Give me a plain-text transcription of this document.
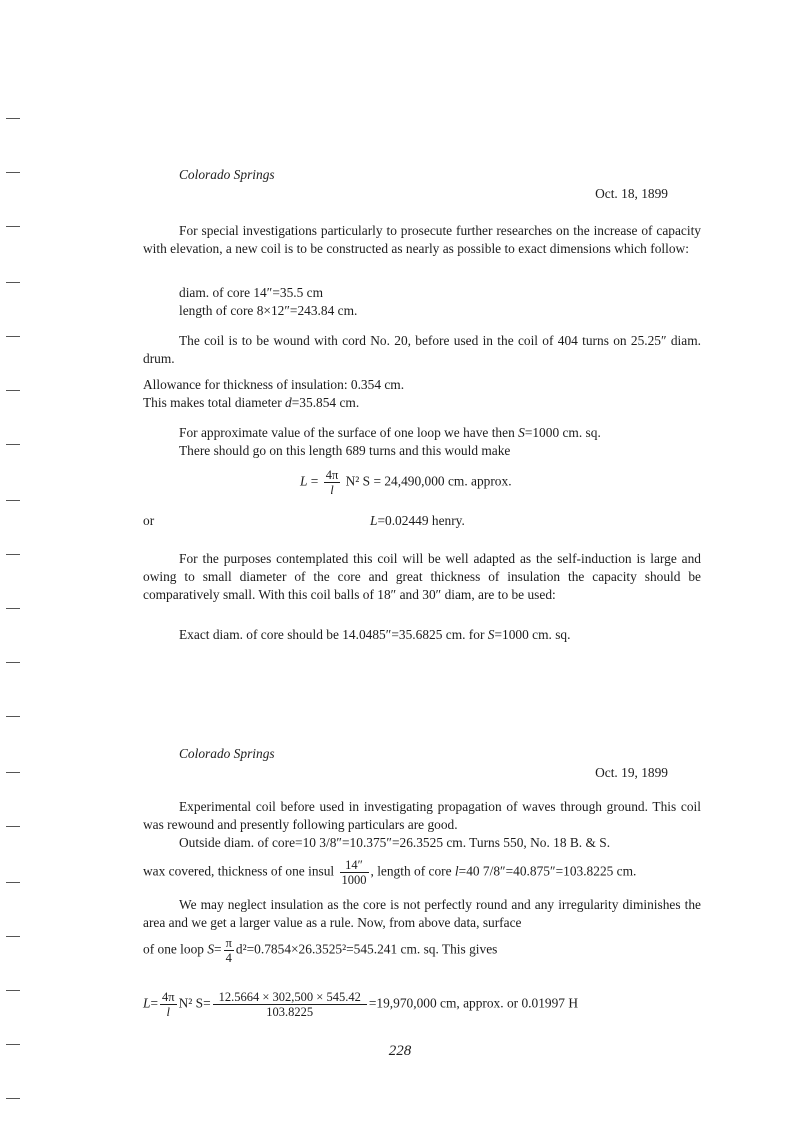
Colorado Springs
Oct. 18, 1899

For special investigations particularly to prosecute further researches on the increase of capacity with elevation, a new coil is to be constructed as nearly as possible to exact dimensions which follow:

diam. of core 14″=35.5 cm

length of core 8×12″=243.84 cm.

The coil is to be wound with cord No. 20, before used in the coil of 404 turns on 25.25″ diam. drum.

Allowance for thickness of insulation: 0.354 cm.

This makes total diameter d=35.854 cm.

For approximate value of the surface of one loop we have then S=1000 cm. sq.

There should go on this length 689 turns and this would make

$L = \frac{4\pi}{l} N^2$ S = 24,490,000 cm. approx.
or	L=0.02449 henry.

For the purposes contemplated this coil will be well adapted as the self-induction is large and owing to small diameter of the core and great thickness of insulation the capacity should be comparatively small. With this coil balls of 18″ and 30″ diam, are to be used:

Exact diam. of core should be 14.0485″=35.6825 cm. for S=1000 cm. sq.

Colorado Springs
Oct. 19, 1899

Experimental coil before used in investigating propagation of waves through ground. This coil was rewound and presently following particulars are good.

Outside diam. of core=10 3/8″=10.375″=26.3525 cm. Turns 550, No. 18 B. & S.

wax covered, thickness of one insul $\frac{14''}{1000}$ , length of core l=40 7/8″=40.875″=103.8225 cm.

We may neglect insulation as the core is not perfectly round and any irregularity diminishes the area and we get a larger value as a rule. Now, from above data, surface

of one loop $S= \frac{\pi}{4} d^2=0.7854\times 26.3525^2=545.241$ cm. sq. This gives

$L= \frac{4\pi}{l} N^2$ $S= \frac{12.5664 \times 302,500 \times 545.42}{103.8225} =19,970,000$ cm, approx. or 0.01997 H
228
